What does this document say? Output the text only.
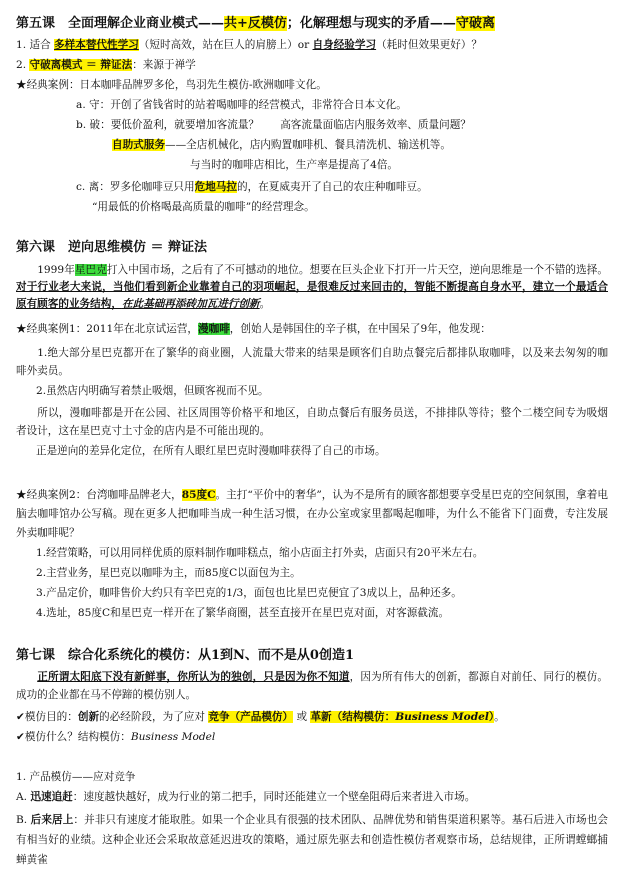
第五课　全面理解企业商业模式——共+反模仿；化解理想与现实的矛盾——守破离
1. 适合 多样本替代性学习（短时高效，站在巨人的肩膀上）or 自身经验学习（耗时但效果更好）？
2. 守破离模式 ＝ 辩证法：来源于禅学
★经典案例：日本咖啡品牌罗多伦，鸟羽先生模仿-欧洲咖啡文化。
a. 守：开创了省钱省时的站着喝咖啡的经营模式，非常符合日本文化。
b. 破：要低价盈利，就要增加客流量？　　高客流量面临店内服务效率、质量问题？
自助式服务——全店机械化，店内购置咖啡机、餐具清洗机、输送机等。
与当时的咖啡店相比，生产率是提高了4倍。
c. 离：罗多伦咖啡豆只用危地马拉的，在夏威夷开了自己的农庄种咖啡豆。
“用最低的价格喝最高质量的咖啡”的经营理念。
第六课　逆向思维模仿 ＝ 辩证法

1999年星巴克打入中国市场，之后有了不可撼动的地位。想要在巨头企业下打开一片天空，逆向思维是一个不错的选择。对于行业老大来说，当他们看到新企业靠着自己的羽项崛起，是很难反过来回击的，智能不断提高自身水平，建立一个最适合原有顾客的业务结构，在此基础再添砖加瓦进行创新。

★经典案例1：2011年在北京试运营，漫咖啡，创始人是韩国住的辛子棋，在中国呆了9年，他发现：

1.绝大部分星巴克都开在了繁华的商业圈，人流量大带来的结果是顾客们自助点餐完后都排队取咖啡，以及来去匆匆的咖啡外卖员。

2.虽然店内明确写着禁止吸烟，但顾客视而不见。

所以，漫咖啡都是开在公园、社区周围等价格平和地区，自助点餐后有服务员送，不排排队等待；整个二楼空间专为吸烟者设计，这在星巴克寸土寸金的店内是不可能出现的。

正是逆向的差异化定位，在所有人眼红星巴克时漫咖啡获得了自己的市场。

★经典案例2：台湾咖啡品牌老大，85度C。主打“平价中的奢华”，认为不是所有的顾客都想要享受星巴克的空间氛围，拿着电脑去咖啡馆办公写稿。现在更多人把咖啡当成一种生活习惯，在办公室或家里都喝起咖啡，为什么不能省下门面费，专注发展外卖咖啡呢？

1.经营策略，可以用同样优质的原料制作咖啡糕点，缩小店面主打外卖，店面只有20平米左右。
2.主营业务，星巴克以咖啡为主，而85度C以面包为主。
3.产品定价，咖啡售价大约只有辛巴克的1/3，面包也比星巴克便宜了3成以上，品种还多。
4.选址，85度C和星巴克一样开在了繁华商圈，甚至直接开在星巴克对面，对客源截流。
第七课　综合化系统化的模仿：从1到N、而不是从0创造1

正所谓太阳底下没有新鲜事，你所认为的独创，只是因为你不知道，因为所有伟大的创新，都源自对前任、同行的模仿。成功的企业都在马不停蹄的模仿别人。

✔模仿目的：创新的必经阶段，为了应对 竞争（产品模仿） 或 革新（结构模仿：Business Model）。
✔模仿什么？结构模仿：Business Model
1. 产品模仿——应对竞争
A. 迅速追赶：速度越快越好，成为行业的第二把手，同时还能建立一个壁垒阻碍后来者进入市场。

B. 后来居上：并非只有速度才能取胜。如果一个企业具有很强的技术团队、品牌优势和销售渠道积累等。基石后进入市场也会有相当好的业绩。这种企业还会采取故意延迟进攻的策略，通过原先驱去和创造性模仿者观察市场，总结规律，正所谓螳螂捕蝉黄雀
